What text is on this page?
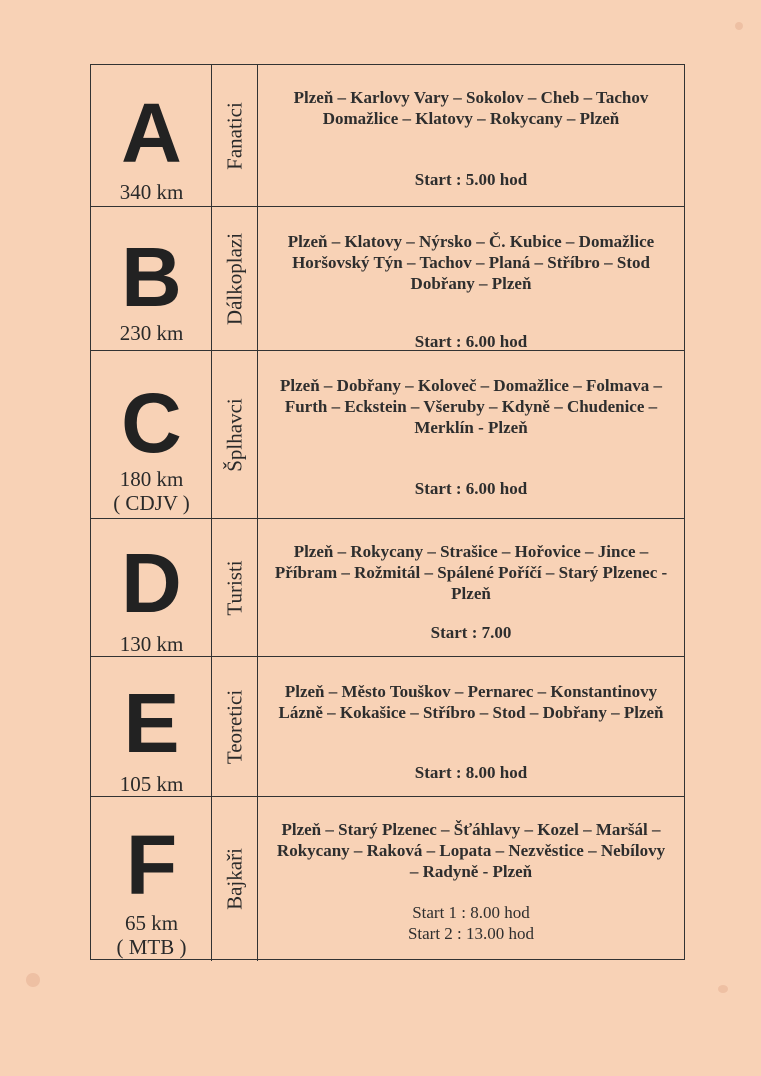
A
340 km
Fanatici
Plzeň – Karlovy Vary – Sokolov – Cheb – Tachov
Domažlice – Klatovy – Rokycany – Plzeň
Start : 5.00 hod
B
230 km
Dálkoplazi	Plzeň – Klatovy – Nýrsko – Č. Kubice – Domažlice
Horšovský Týn – Tachov – Planá – Stříbro – Stod
Dobřany – Plzeň
Start : 6.00 hod
C
180 km
( CDJV )
Šplhavci
Plzeň – Dobřany – Koloveč – Domažlice – Folmava –
Furth – Eckstein – Všeruby – Kdyně – Chudenice –
Merklín - Plzeň
Start : 6.00 hod
D
130 km
Turisti
Plzeň – Rokycany – Strašice – Hořovice – Jince –
Příbram – Rožmitál – Spálené Poříčí – Starý Plzenec -
Plzeň
Start : 7.00
E
105 km
Teoretici	Plzeň – Město Touškov – Pernarec – Konstantinovy
Lázně – Kokašice – Stříbro – Stod – Dobřany – Plzeň
Start : 8.00 hod
F
65 km
( MTB )
Bajkaři
Plzeň – Starý Plzenec – Šťáhlavy – Kozel – Maršál –
Rokycany – Raková – Lopata – Nezvěstice – Nebílovy
– Radyně - Plzeň
Start 1 : 8.00 hod
Start 2 : 13.00 hod
